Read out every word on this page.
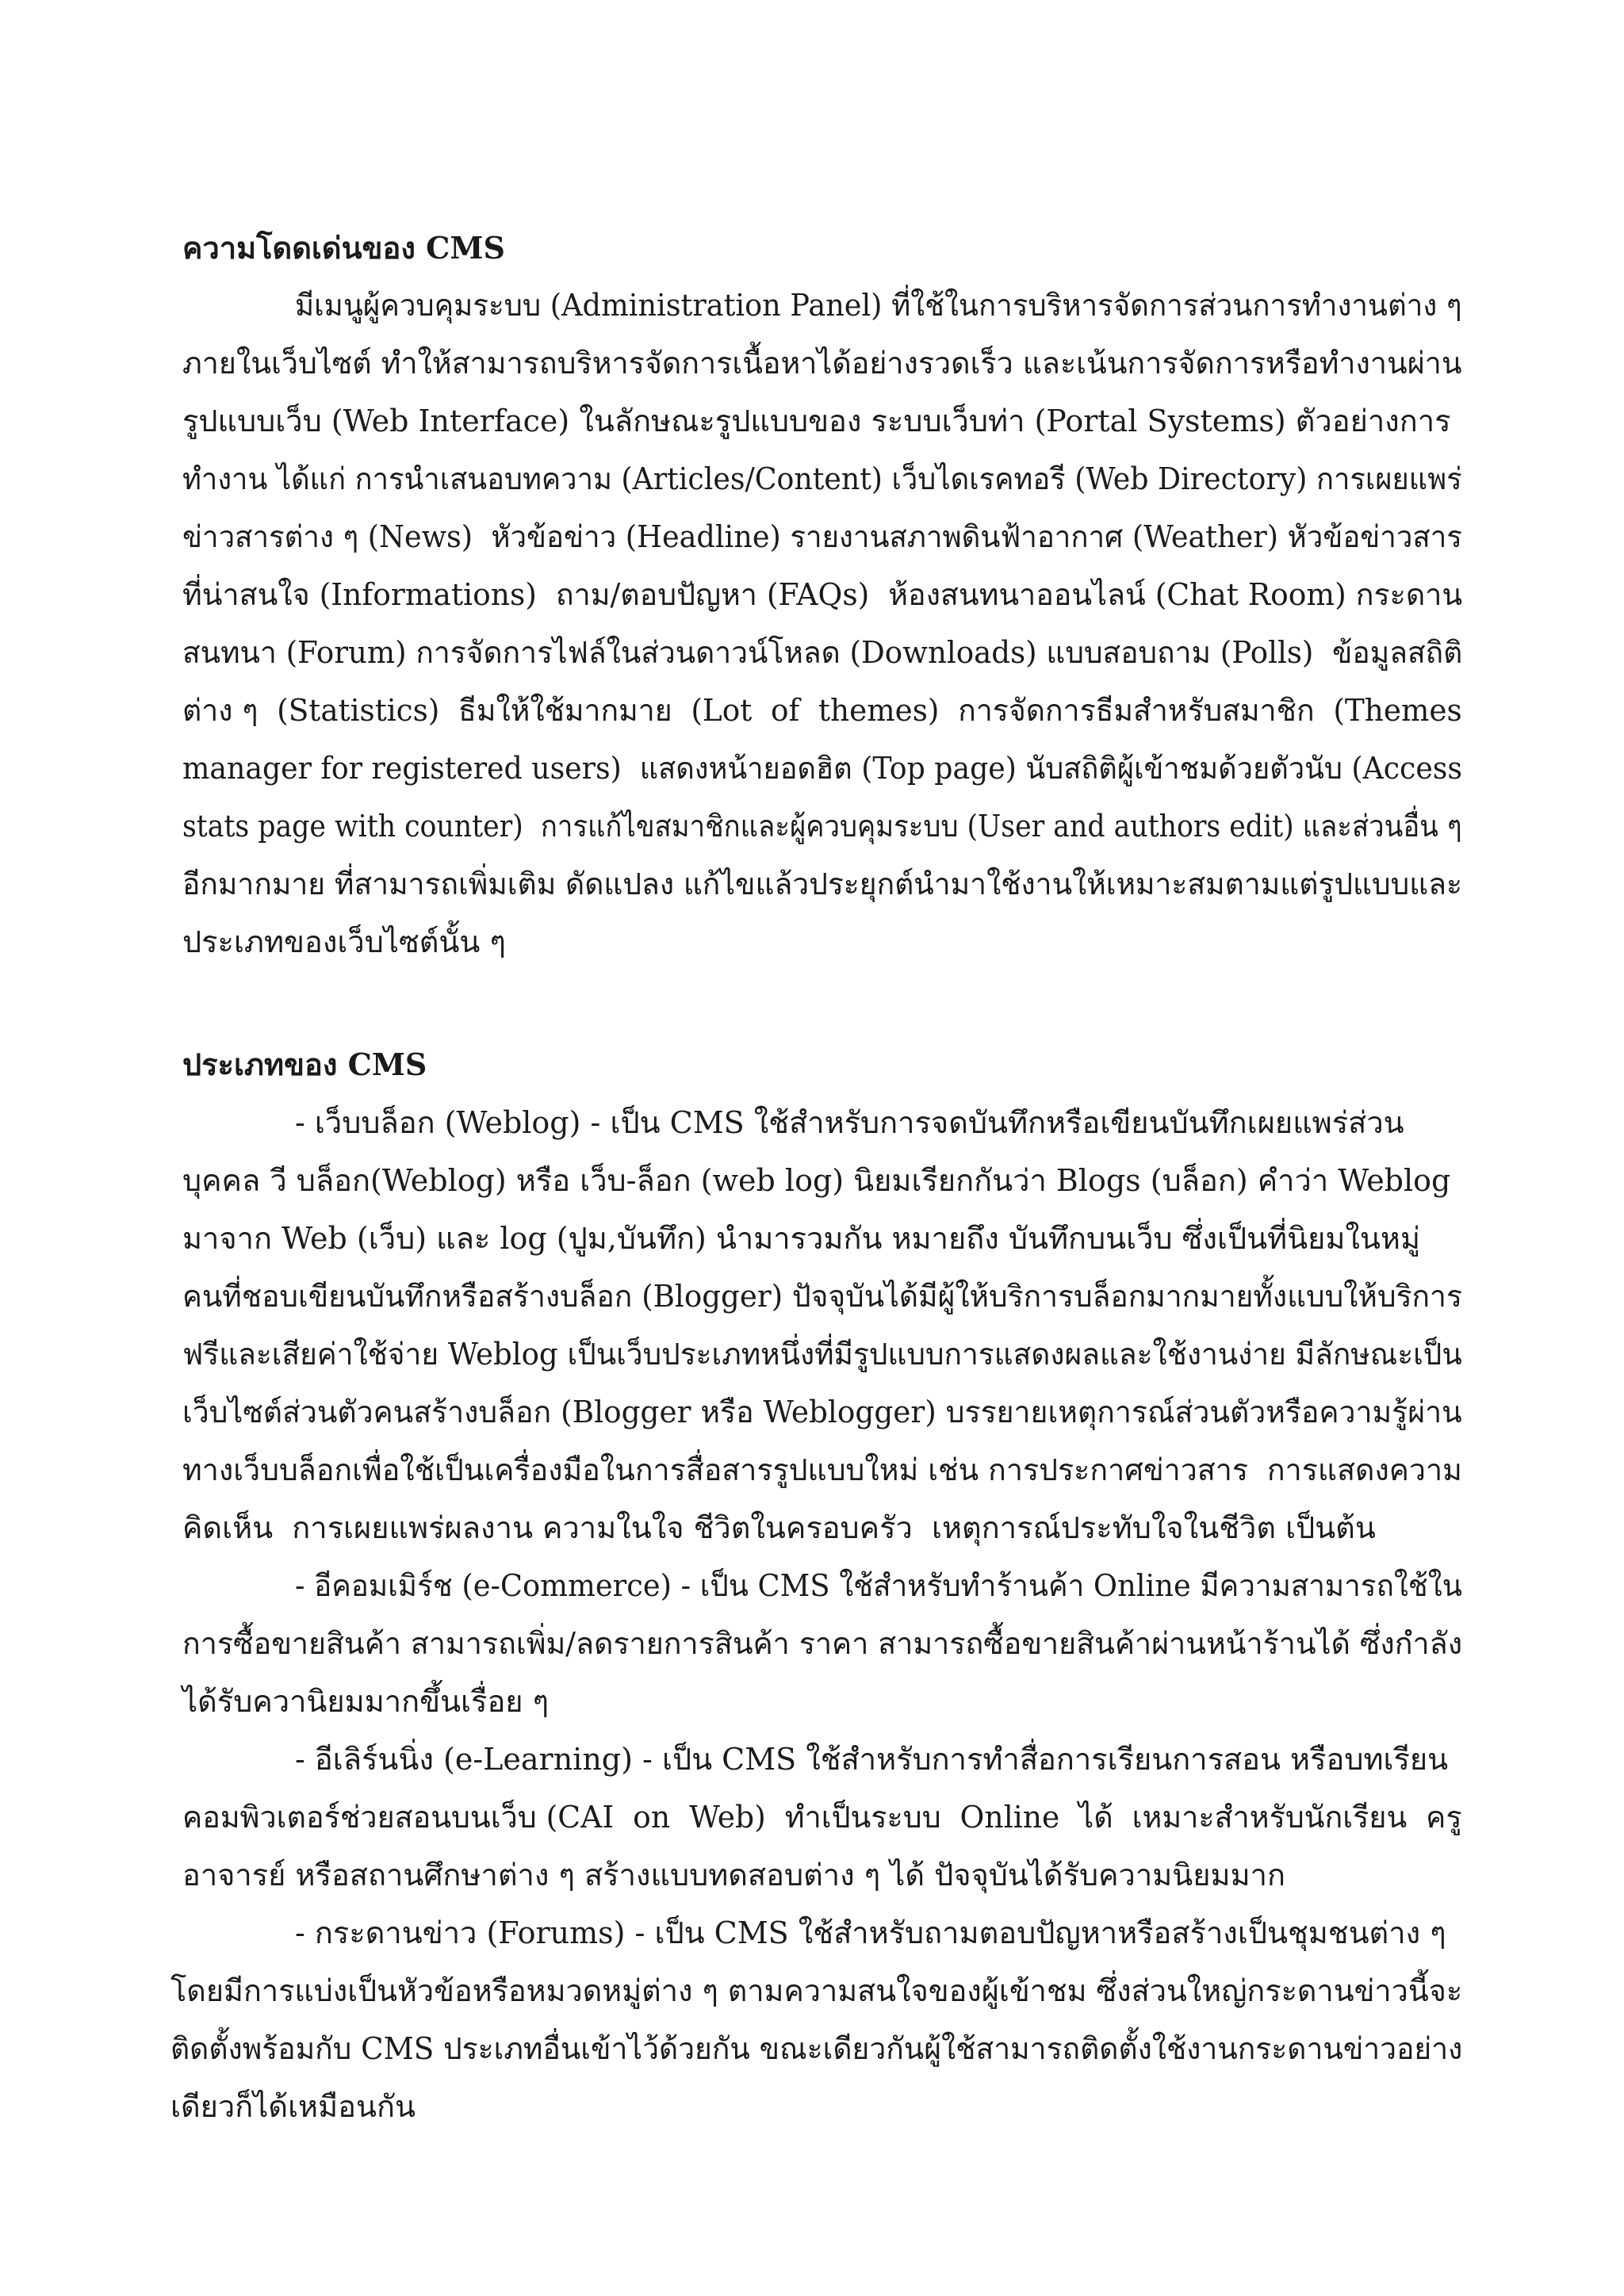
ความโดดเด่นของ CMS
มีเมนูผู้ควบคุมระบบ (Administration Panel) ที่ใช้ในการบริหารจัดการส่วนการทำงานต่าง ๆ
ภายในเว็บไซต์ ทำให้สามารถบริหารจัดการเนื้อหาได้อย่างรวดเร็ว และเน้นการจัดการหรือทำงานผ่าน
รูปแบบเว็บ (Web Interface) ในลักษณะรูปแบบของ ระบบเว็บท่า (Portal Systems) ตัวอย่างการ
ทำงาน ได้แก่ การนำเสนอบทความ (Articles/Content) เว็บไดเรคทอรี (Web Directory) การเผยแพร่
ข่าวสารต่าง ๆ (News)  หัวข้อข่าว (Headline) รายงานสภาพดินฟ้าอากาศ (Weather) หัวข้อข่าวสาร
ที่น่าสนใจ (Informations)  ถาม/ตอบปัญหา (FAQs)  ห้องสนทนาออนไลน์ (Chat Room) กระดาน
สนทนา (Forum) การจัดการไฟล์ในส่วนดาวน์โหลด (Downloads) แบบสอบถาม (Polls)  ข้อมูลสถิติ
ต่าง ๆ  (Statistics)  ธีมให้ใช้มากมาย  (Lot  of  themes)  การจัดการธีมสำหรับสมาชิก  (Themes
manager for registered users)  แสดงหน้ายอดฮิต (Top page) นับสถิติผู้เข้าชมด้วยตัวนับ (Access
stats page with counter)  การแก้ไขสมาชิกและผู้ควบคุมระบบ (User and authors edit) และส่วนอื่น ๆ
อีกมากมาย ที่สามารถเพิ่มเติม ดัดแปลง แก้ไขแล้วประยุกต์นำมาใช้งานให้เหมาะสมตามแต่รูปแบบและ
ประเภทของเว็บไซต์นั้น ๆ
ประเภทของ CMS
- เว็บบล็อก (Weblog) - เป็น CMS ใช้สำหรับการจดบันทึกหรือเขียนบันทึกเผยแพร่ส่วน
บุคคล วี บล็อก(Weblog) หรือ เว็บ-ล็อก (web log) นิยมเรียกกันว่า Blogs (บล็อก) คำว่า Weblog
มาจาก Web (เว็บ) และ log (ปูม,บันทึก) นำมารวมกัน หมายถึง บันทึกบนเว็บ ซึ่งเป็นที่นิยมในหมู่
คนที่ชอบเขียนบันทึกหรือสร้างบล็อก (Blogger) ปัจจุบันได้มีผู้ให้บริการบล็อกมากมายทั้งแบบให้บริการ
ฟรีและเสียค่าใช้จ่าย Weblog เป็นเว็บประเภทหนึ่งที่มีรูปแบบการแสดงผลและใช้งานง่าย มีลักษณะเป็น
เว็บไซต์ส่วนตัวคนสร้างบล็อก (Blogger หรือ Weblogger) บรรยายเหตุการณ์ส่วนตัวหรือความรู้ผ่าน
ทางเว็บบล็อกเพื่อใช้เป็นเครื่องมือในการสื่อสารรูปแบบใหม่ เช่น การประกาศข่าวสาร  การแสดงความ
คิดเห็น  การเผยแพร่ผลงาน ความในใจ ชีวิตในครอบครัว  เหตุการณ์ประทับใจในชีวิต เป็นต้น
- อีคอมเมิร์ช (e-Commerce) - เป็น CMS ใช้สำหรับทำร้านค้า Online มีความสามารถใช้ใน
การซื้อขายสินค้า สามารถเพิ่ม/ลดรายการสินค้า ราคา สามารถซื้อขายสินค้าผ่านหน้าร้านได้ ซึ่งกำลัง
ได้รับควานิยมมากขึ้นเรื่อย ๆ
- อีเลิร์นนิ่ง (e-Learning) - เป็น CMS ใช้สำหรับการทำสื่อการเรียนการสอน หรือบทเรียน
คอมพิวเตอร์ช่วยสอนบนเว็บ (CAI  on  Web)  ทำเป็นระบบ  Online  ได้  เหมาะสำหรับนักเรียน  ครู
อาจารย์ หรือสถานศึกษาต่าง ๆ สร้างแบบทดสอบต่าง ๆ ได้ ปัจจุบันได้รับความนิยมมาก
- กระดานข่าว (Forums) - เป็น CMS ใช้สำหรับถามตอบปัญหาหรือสร้างเป็นชุมชนต่าง ๆ
โดยมีการแบ่งเป็นหัวข้อหรือหมวดหมู่ต่าง ๆ ตามความสนใจของผู้เข้าชม ซึ่งส่วนใหญ่กระดานข่าวนี้จะ
ติดตั้งพร้อมกับ CMS ประเภทอื่นเข้าไว้ด้วยกัน ขณะเดียวกันผู้ใช้สามารถติดตั้งใช้งานกระดานข่าวอย่าง
เดียวก็ได้เหมือนกัน
